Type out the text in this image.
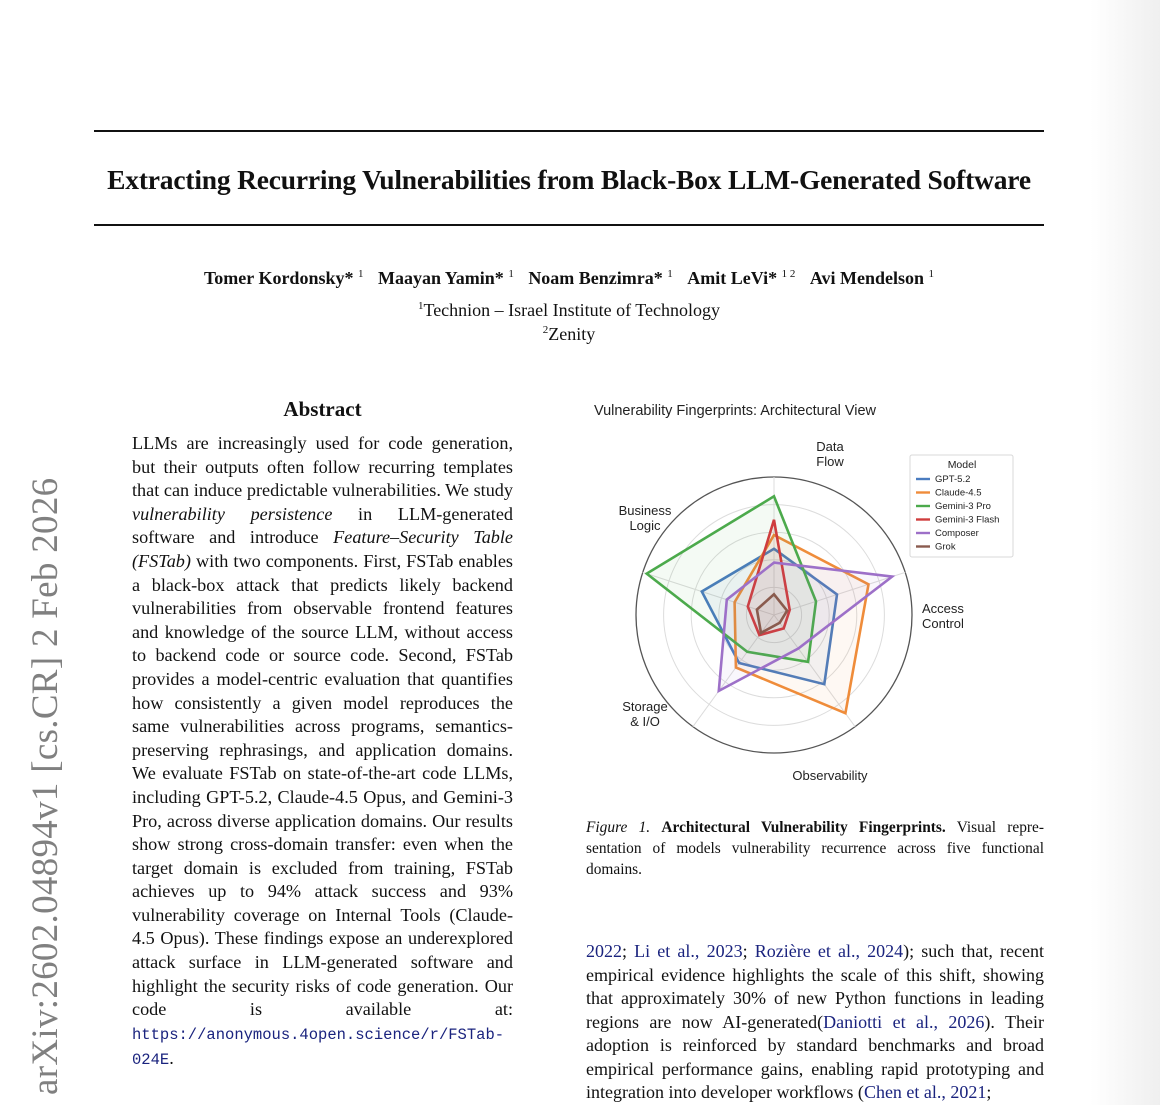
arXiv:2602.04894v1 [cs.CR] 2 Feb 2026
Extracting Recurring Vulnerabilities from Black-Box LLM-Generated Software
Tomer Kordonsky* $^1$ Maayan Yamin* $^1$ Noam Benzimra* $^1$ Amit LeVi* $^{1 2}$ Avi Mendelson $^1$
$^1$Technion – Israel Institute of Technology
$^2$Zenity
Abstract
LLMs are increasingly used for code generation, but their outputs often follow recurring templates that can induce predictable vulnerabilities. We study vulnerability persistence in LLM-generated software and introduce Feature–Security Table (FSTab) with two components. First, FSTab enables a black-box attack that predicts likely backend vulnerabilities from observable frontend features and knowledge of the source LLM, without access to backend code or source code. Second, FSTab provides a model-centric evaluation that quantifies how consistently a given model reproduces the same vulnerabilities across programs, semantics-preserving rephrasings, and application domains. We evaluate FSTab on state-of-the-art code LLMs, including GPT-5.2, Claude-4.5 Opus, and Gemini-3 Pro, across diverse application domains. Our results show strong cross-domain transfer: even when the target domain is excluded from training, FSTab achieves up to 94% attack success and 93% vulnerability coverage on Internal Tools (Claude-4.5 Opus). These findings expose an underexplored attack surface in LLM-generated software and highlight the security risks of code generation. Our code is available at: https://anonymous.4open.science/r/FSTab-024E.
Vulnerability Fingerprints: Architectural View
Data Flow
Access Control
Observability
Storage & I/O
Business Logic
Model
GPT-5.2
Claude-4.5
Gemini-3 Pro
Gemini-3 Flash
Composer
Grok
Figure 1. Architectural Vulnerability Fingerprints. Visual representation of models vulnerability recurrence across five functional domains.
2022; Li et al., 2023; Rozière et al., 2024); such that, recent empirical evidence highlights the scale of this shift, showing that approximately 30% of new Python functions in leading regions are now AI-generated(Daniotti et al., 2026). Their adoption is reinforced by standard benchmarks and broad empirical performance gains, enabling rapid prototyping and integration into developer workflows (Chen et al., 2021;
